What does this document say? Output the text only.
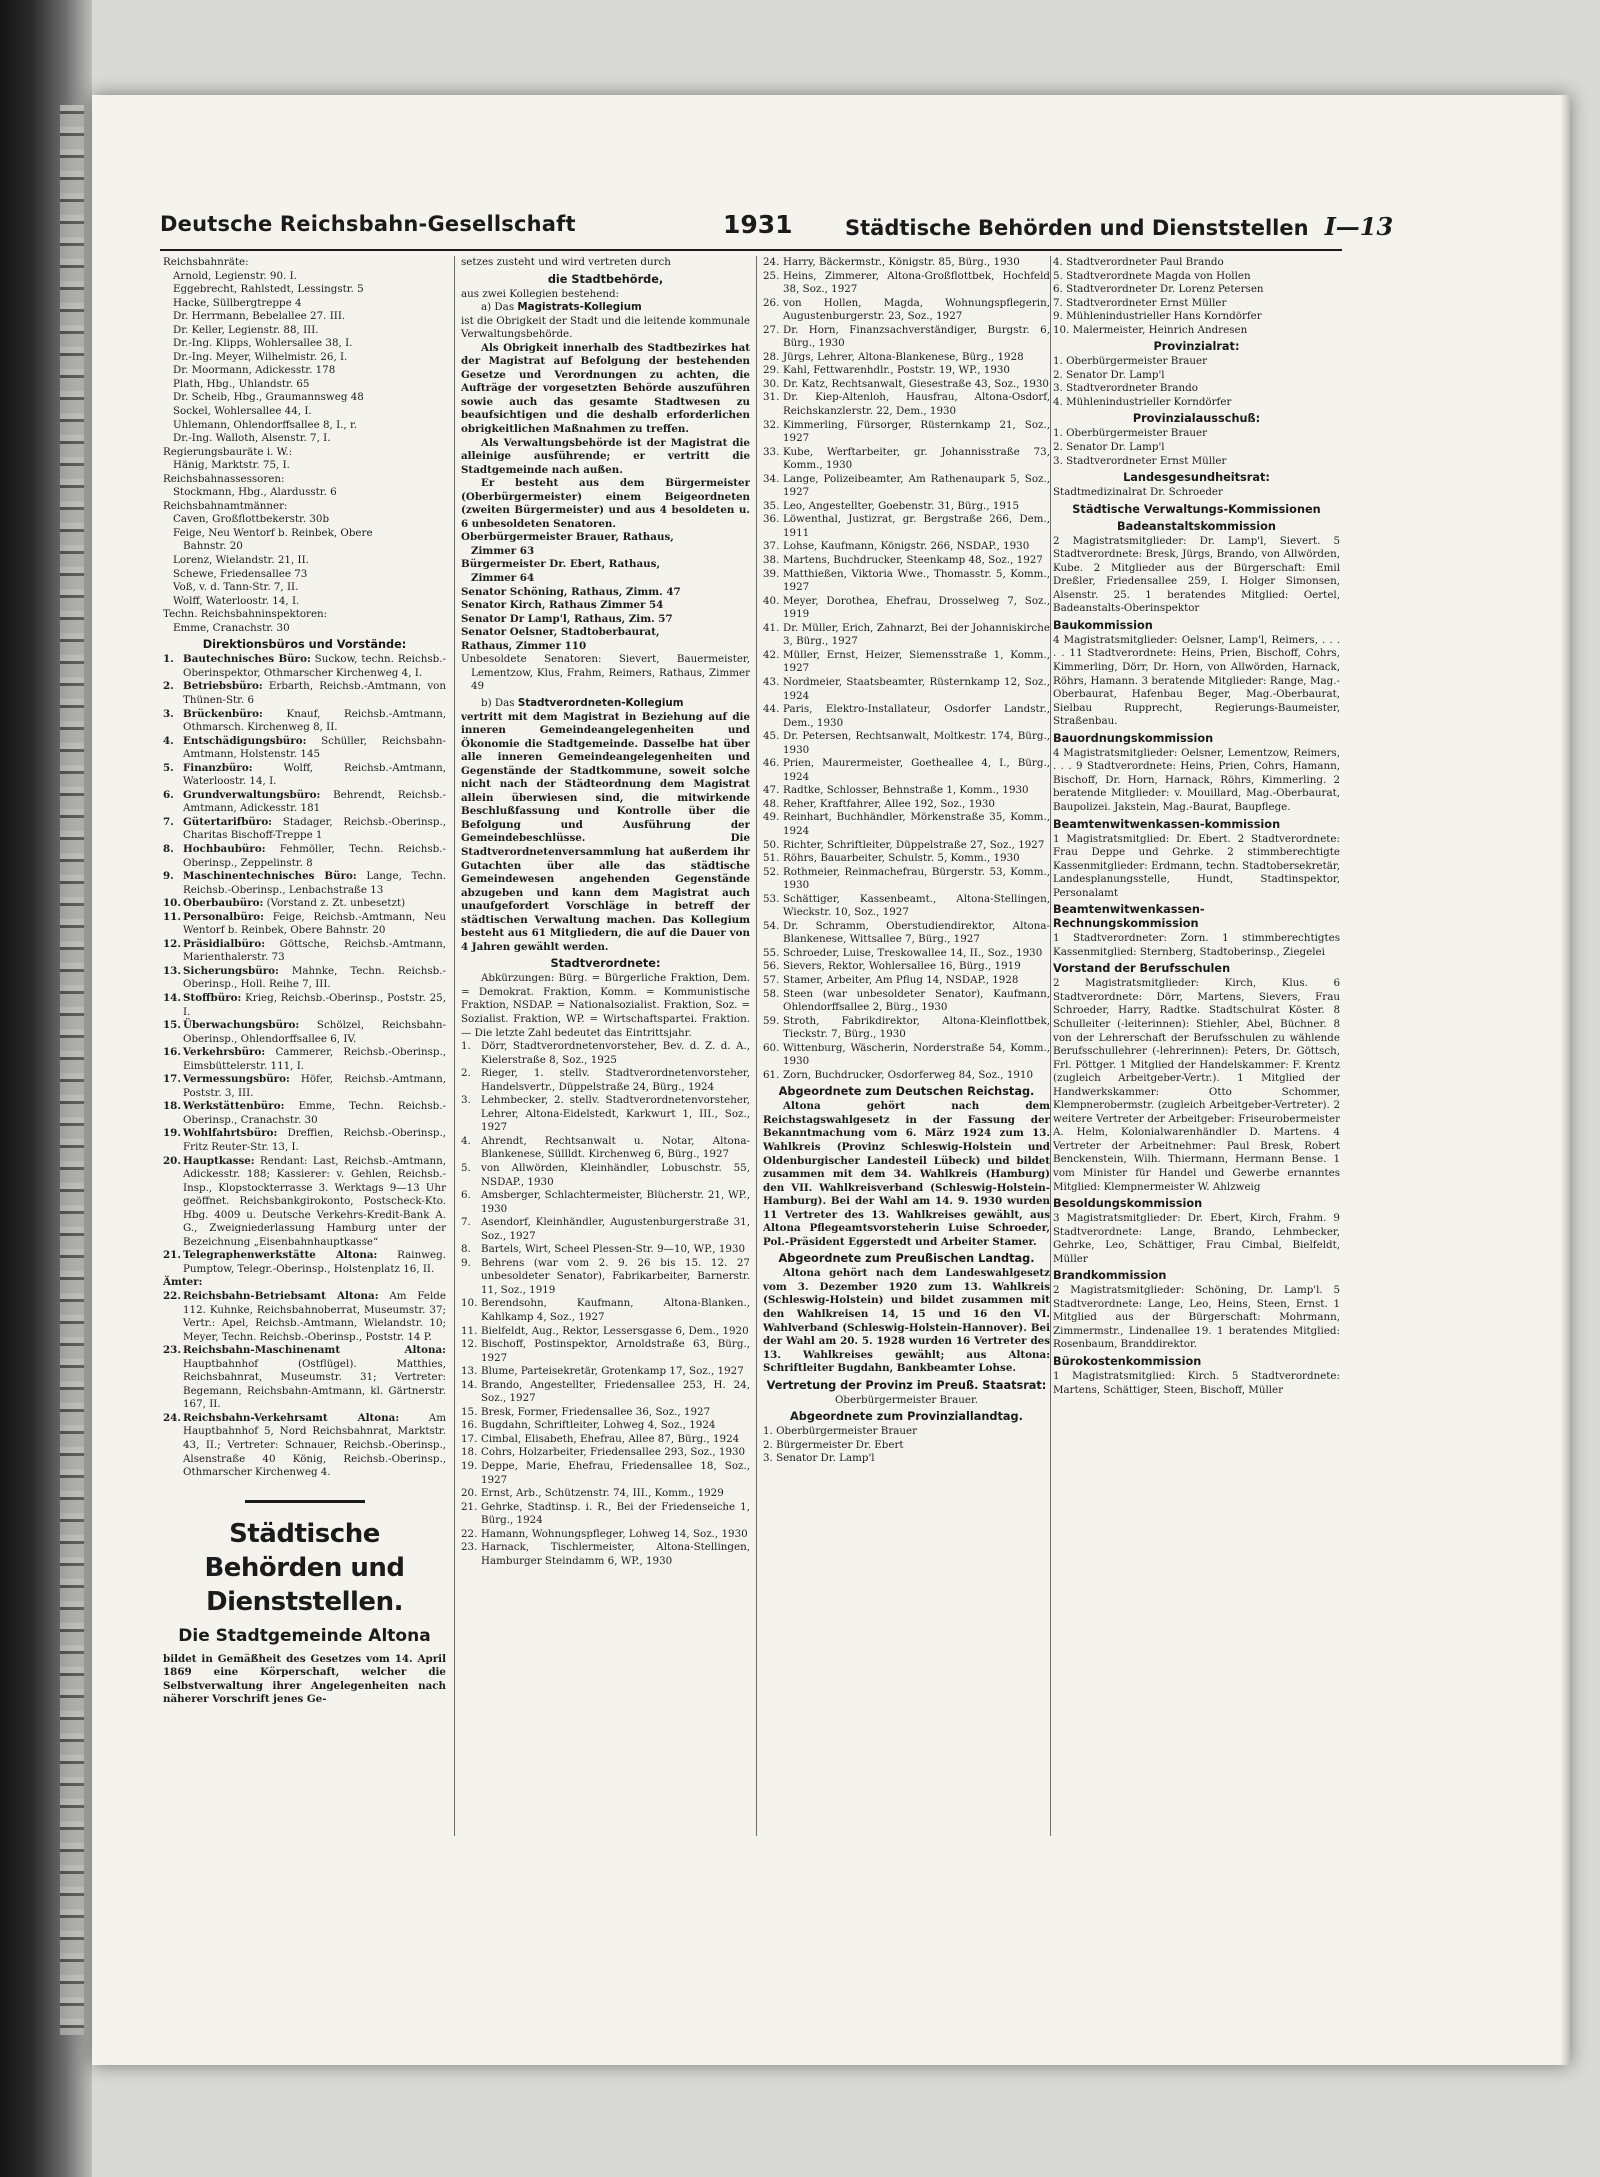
Deutsche Reichsbahn-Gesellschaft	1931 Städtische Behörden und Dienststellen I—13
Reichsbahnräte:
Arnold, Legienstr. 90. I.
Eggebrecht, Rahlstedt, Lessingstr. 5
Hacke, Süllbergtreppe 4
Dr. Herrmann, Bebelallee 27. III.
Dr. Keller, Legienstr. 88, III.
Dr.-Ing. Klipps, Wohlersallee 38, I.
Dr.-Ing. Meyer, Wilhelmistr. 26, I.
Dr. Moormann, Adickesstr. 178
Plath, Hbg., Uhlandstr. 65
Dr. Scheib, Hbg., Graumannsweg 48
Sockel, Wohlersallee 44, I.
Uhlemann, Ohlendorffsallee 8, I., r.
Dr.-Ing. Walloth, Alsenstr. 7, I.
Regierungsbauräte i. W.:
Hänig, Marktstr. 75, I.
Reichsbahnassessoren:
Stockmann, Hbg., Alardusstr. 6
Reichsbahnamtmänner:
Caven, Großflottbekerstr. 30b
Feige, Neu Wentorf b. Reinbek, Obere
Bahnstr. 20
Lorenz, Wielandstr. 21, II.
Schewe, Friedensallee 73
Voß, v. d. Tann-Str. 7, II.
Wolff, Waterloostr. 14, I.
Techn. Reichsbahninspektoren:
Emme, Cranachstr. 30
Direktionsbüros und Vorstände:

1. Bautechnisches Büro: Suckow, techn. Reichsb.-Oberinspektor, Othmarscher Kirchenweg 4, I.

2. Betriebsbüro: Erbarth, Reichsb.-Amtmann, von Thünen-Str. 6

3. Brückenbüro: Knauf, Reichsb.-Amtmann, Othmarsch. Kirchenweg 8, II.

4. Entschädigungsbüro: Schüller, Reichsbahn-Amtmann, Holstenstr. 145

5. Finanzbüro: Wolff, Reichsb.-Amtmann, Waterloostr. 14, I.

6. Grundverwaltungsbüro: Behrendt, Reichsb.-Amtmann, Adickesstr. 181

7. Gütertarifbüro: Stadager, Reichsb.-Oberinsp., Charitas Bischoff-Treppe 1

8. Hochbaubüro: Fehmöller, Techn. Reichsb.-Oberinsp., Zeppelinstr. 8

9. Maschinentechnisches Büro: Lange, Techn. Reichsb.-Oberinsp., Lenbachstraße 13

10. Oberbaubüro: (Vorstand z. Zt. unbesetzt)

11. Personalbüro: Feige, Reichsb.-Amtmann, Neu Wentorf b. Reinbek, Obere Bahnstr. 20

12. Präsidialbüro: Göttsche, Reichsb.-Amtmann, Marienthalerstr. 73

13. Sicherungsbüro: Mahnke, Techn. Reichsb.-Oberinsp., Holl. Reihe 7, III.

14. Stoffbüro: Krieg, Reichsb.-Oberinsp., Poststr. 25, I.

15. Überwachungsbüro: Schölzel, Reichsbahn-Oberinsp., Ohlendorffsallee 6, IV.

16. Verkehrsbüro: Cammerer, Reichsb.-Oberinsp., Eimsbüttelerstr. 111, I.

17. Vermessungsbüro: Höfer, Reichsb.-Amtmann, Poststr. 3, III.

18. Werkstättenbüro: Emme, Techn. Reichsb.-Oberinsp., Cranachstr. 30

19. Wohlfahrtsbüro: Dreffien, Reichsb.-Oberinsp., Fritz Reuter-Str. 13, I.

20. Hauptkasse: Rendant: Last, Reichsb.-Amtmann, Adickesstr. 188; Kassierer: v. Gehlen, Reichsb.-Insp., Klopstockterrasse 3. Werktags 9—13 Uhr geöffnet. Reichsbankgirokonto, Postscheck-Kto. Hbg. 4009 u. Deutsche Verkehrs-Kredit-Bank A. G., Zweigniederlassung Hamburg unter der Bezeichnung „Eisenbahnhauptkasse“

21. Telegraphenwerkstätte Altona: Rainweg. Pumptow, Telegr.-Oberinsp., Holstenplatz 16, II.

Ämter:

22. Reichsbahn-Betriebsamt Altona: Am Felde 112. Kuhnke, Reichsbahnoberrat, Museumstr. 37; Vertr.: Apel, Reichsb.-Amtmann, Wielandstr. 10; Meyer, Techn. Reichsb.-Oberinsp., Poststr. 14 P.

23. Reichsbahn-Maschinenamt Altona: Hauptbahnhof (Ostflügel). Matthies, Reichsbahnrat, Museumstr. 31; Vertreter: Begemann, Reichsbahn-Amtmann, kl. Gärtnerstr. 167, II.

24. Reichsbahn-Verkehrsamt Altona: Am Hauptbahnhof 5, Nord Reichsbahnrat, Marktstr. 43, II.; Vertreter: Schnauer, Reichsb.-Oberinsp., Alsenstraße 40 König, Reichsb.-Oberinsp., Othmarscher Kirchenweg 4.

Städtische Behörden und Dienststellen.
Die Stadtgemeinde Altona

bildet in Gemäßheit des Gesetzes vom 14. April 1869 eine Körperschaft, welcher die Selbstverwaltung ihrer Angelegenheiten nach näherer Vorschrift jenes Ge-

setzes zusteht und wird vertreten durch

die Stadtbehörde,

aus zwei Kollegien bestehend:

a) Das Magistrats-Kollegium

ist die Obrigkeit der Stadt und die leitende kommunale Verwaltungsbehörde.

Als Obrigkeit innerhalb des Stadtbezirkes hat der Magistrat auf Befolgung der bestehenden Gesetze und Verordnungen zu achten, die Aufträge der vorgesetzten Behörde auszuführen sowie auch das gesamte Stadtwesen zu beaufsichtigen und die deshalb erforderlichen obrigkeitlichen Maßnahmen zu treffen.

Als Verwaltungsbehörde ist der Magistrat die alleinige ausführende; er vertritt die Stadtgemeinde nach außen.

Er besteht aus dem Bürgermeister (Oberbürgermeister) einem Beigeordneten (zweiten Bürgermeister) und aus 4 besoldeten u. 6 unbesoldeten Senatoren.

Oberbürgermeister Brauer, Rathaus,
Zimmer 63
Bürgermeister Dr. Ebert, Rathaus,
Zimmer 64
Senator Schöning, Rathaus, Zimm. 47
Senator Kirch, Rathaus Zimmer 54
Senator Dr Lamp'l, Rathaus, Zim. 57
Senator Oelsner, Stadtoberbaurat,
Rathaus, Zimmer 110

Unbesoldete Senatoren: Sievert, Bauermeister, Lementzow, Klus, Frahm, Reimers, Rathaus, Zimmer 49

b) Das Stadtverordneten-Kollegium

vertritt mit dem Magistrat in Beziehung auf die inneren Gemeindeangelegenheiten und Ökonomie die Stadtgemeinde. Dasselbe hat über alle inneren Gemeindeangelegenheiten und Gegenstände der Stadtkommune, soweit solche nicht nach der Städteordnung dem Magistrat allein überwiesen sind, die mitwirkende Beschlußfassung und Kontrolle über die Befolgung und Ausführung der Gemeindebeschlüsse. Die Stadtverordnetenversammlung hat außerdem ihr Gutachten über alle das städtische Gemeindewesen angehenden Gegenstände abzugeben und kann dem Magistrat auch unaufgefordert Vorschläge in betreff der städtischen Verwaltung machen. Das Kollegium besteht aus 61 Mitgliedern, die auf die Dauer von 4 Jahren gewählt werden.

Stadtverordnete:

Abkürzungen: Bürg. = Bürgerliche Fraktion, Dem. = Demokrat. Fraktion, Komm. = Kommunistische Fraktion, NSDAP. = Nationalsozialist. Fraktion, Soz. = Sozialist. Fraktion, WP. = Wirtschaftspartei. Fraktion. — Die letzte Zahl bedeutet das Eintrittsjahr.

1. Dörr, Stadtverordnetenvorsteher, Bev. d. Z. d. A., Kielerstraße 8, Soz., 1925

2. Rieger, 1. stellv. Stadtverordnetenvorsteher, Handelsvertr., Düppelstraße 24, Bürg., 1924

3. Lehmbecker, 2. stellv. Stadtverordnetenvorsteher, Lehrer, Altona-Eidelstedt, Karkwurt 1, III., Soz., 1927

4. Ahrendt, Rechtsanwalt u. Notar, Altona-Blankenese, Süllldt. Kirchenweg 6, Bürg., 1927

5. von Allwörden, Kleinhändler, Lobuschstr. 55, NSDAP., 1930

6. Amsberger, Schlachtermeister, Blücherstr. 21, WP., 1930

7. Asendorf, Kleinhändler, Augustenburgerstraße 31, Soz., 1927

8. Bartels, Wirt, Scheel Plessen-Str. 9—10, WP., 1930

9. Behrens (war vom 2. 9. 26 bis 15. 12. 27 unbesoldeter Senator), Fabrikarbeiter, Barnerstr. 11, Soz., 1919

10. Berendsohn, Kaufmann, Altona-Blanken., Kahlkamp 4, Soz., 1927

11. Bielfeldt, Aug., Rektor, Lessersgasse 6, Dem., 1920

12. Bischoff, Postinspektor, Arnoldstraße 63, Bürg., 1927

13. Blume, Parteisekretär, Grotenkamp 17, Soz., 1927

14. Brando, Angestellter, Friedensallee 253, H. 24, Soz., 1927

15. Bresk, Former, Friedensallee 36, Soz., 1927

16. Bugdahn, Schriftleiter, Lohweg 4, Soz., 1924

17. Cimbal, Elisabeth, Ehefrau, Allee 87, Bürg., 1924

18. Cohrs, Holzarbeiter, Friedensallee 293, Soz., 1930

19. Deppe, Marie, Ehefrau, Friedensallee 18, Soz., 1927

20. Ernst, Arb., Schützenstr. 74, III., Komm., 1929

21. Gehrke, Stadtinsp. i. R., Bei der Friedenseiche 1, Bürg., 1924

22. Hamann, Wohnungspfleger, Lohweg 14, Soz., 1930

23. Harnack, Tischlermeister, Altona-Stellingen, Hamburger Steindamm 6, WP., 1930

24. Harry, Bäckermstr., Königstr. 85, Bürg., 1930

25. Heins, Zimmerer, Altona-Großflottbek, Hochfeld 38, Soz., 1927

26. von Hollen, Magda, Wohnungspflegerin, Augustenburgerstr. 23, Soz., 1927

27. Dr. Horn, Finanzsachverständiger, Burgstr. 6, Bürg., 1930

28. Jürgs, Lehrer, Altona-Blankenese, Bürg., 1928

29. Kahl, Fettwarenhdlr., Poststr. 19, WP., 1930

30. Dr. Katz, Rechtsanwalt, Giesestraße 43, Soz., 1930

31. Dr. Kiep-Altenloh, Hausfrau, Altona-Osdorf, Reichskanzlerstr. 22, Dem., 1930

32. Kimmerling, Fürsorger, Rüsternkamp 21, Soz., 1927

33. Kube, Werftarbeiter, gr. Johannisstraße 73, Komm., 1930

34. Lange, Polizeibeamter, Am Rathenaupark 5, Soz., 1927

35. Leo, Angestellter, Goebenstr. 31, Bürg., 1915

36. Löwenthal, Justizrat, gr. Bergstraße 266, Dem., 1911

37. Lohse, Kaufmann, Königstr. 266, NSDAP., 1930

38. Martens, Buchdrucker, Steenkamp 48, Soz., 1927

39. Matthießen, Viktoria Wwe., Thomasstr. 5, Komm., 1927

40. Meyer, Dorothea, Ehefrau, Drosselweg 7, Soz., 1919

41. Dr. Müller, Erich, Zahnarzt, Bei der Johanniskirche 3, Bürg., 1927

42. Müller, Ernst, Heizer, Siemensstraße 1, Komm., 1927

43. Nordmeier, Staatsbeamter, Rüsternkamp 12, Soz., 1924

44. Paris, Elektro-Installateur, Osdorfer Landstr., Dem., 1930

45. Dr. Petersen, Rechtsanwalt, Moltkestr. 174, Bürg., 1930

46. Prien, Maurermeister, Goetheallee 4, I., Bürg., 1924

47. Radtke, Schlosser, Behnstraße 1, Komm., 1930

48. Reher, Kraftfahrer, Allee 192, Soz., 1930

49. Reinhart, Buchhändler, Mörkenstraße 35, Komm., 1924

50. Richter, Schriftleiter, Düppelstraße 27, Soz., 1927

51. Röhrs, Bauarbeiter, Schulstr. 5, Komm., 1930

52. Rothmeier, Reinmachefrau, Bürgerstr. 53, Komm., 1930

53. Schättiger, Kassenbeamt., Altona-Stellingen, Wieckstr. 10, Soz., 1927

54. Dr. Schramm, Oberstudiendirektor, Altona-Blankenese, Wittsallee 7, Bürg., 1927

55. Schroeder, Luise, Treskowallee 14, II., Soz., 1930

56. Sievers, Rektor, Wohlersallee 16, Bürg., 1919

57. Stamer, Arbeiter, Am Pflug 14, NSDAP., 1928

58. Steen (war unbesoldeter Senator), Kaufmann, Ohlendorffsallee 2, Bürg., 1930

59. Stroth, Fabrikdirektor, Altona-Kleinflottbek, Tieckstr. 7, Bürg., 1930

60. Wittenburg, Wäscherin, Norderstraße 54, Komm., 1930

61. Zorn, Buchdrucker, Osdorferweg 84, Soz., 1910

Abgeordnete zum Deutschen Reichstag.

Altona gehört nach dem Reichstagswahlgesetz in der Fassung der Bekanntmachung vom 6. März 1924 zum 13. Wahlkreis (Provinz Schleswig-Holstein und Oldenburgischer Landesteil Lübeck) und bildet zusammen mit dem 34. Wahlkreis (Hamburg) den VII. Wahlkreisverband (Schleswig-Holstein-Hamburg). Bei der Wahl am 14. 9. 1930 wurden 11 Vertreter des 13. Wahlkreises gewählt, aus Altona Pflegeamtsvorsteherin Luise Schroeder, Pol.-Präsident Eggerstedt und Arbeiter Stamer.

Abgeordnete zum Preußischen Landtag.

Altona gehört nach dem Landeswahlgesetz vom 3. Dezember 1920 zum 13. Wahlkreis (Schleswig-Holstein) und bildet zusammen mit den Wahlkreisen 14, 15 und 16 den VI. Wahlverband (Schleswig-Holstein-Hannover). Bei der Wahl am 20. 5. 1928 wurden 16 Vertreter des 13. Wahlkreises gewählt; aus Altona: Schriftleiter Bugdahn, Bankbeamter Lohse.

Vertretung der Provinz im Preuß. Staatsrat:

Oberbürgermeister Brauer.

Abgeordnete zum Provinziallandtag.
1. Oberbürgermeister Brauer
2. Bürgermeister Dr. Ebert
3. Senator Dr. Lamp'l
4. Stadtverordneter Paul Brando
5. Stadtverordnete Magda von Hollen
6. Stadtverordneter Dr. Lorenz Petersen
7. Stadtverordneter Ernst Müller
9. Mühlenindustrieller Hans Korndörfer
10. Malermeister, Heinrich Andresen
Provinzialrat:
1. Oberbürgermeister Brauer
2. Senator Dr. Lamp'l
3. Stadtverordneter Brando
4. Mühlenindustrieller Korndörfer
Provinzialausschuß:
1. Oberbürgermeister Brauer
2. Senator Dr. Lamp'l
3. Stadtverordneter Ernst Müller
Landesgesundheitsrat:
Stadtmedizinalrat Dr. Schroeder
Städtische Verwaltungs-Kommissionen
Badeanstaltskommission

2 Magistratsmitglieder: Dr. Lamp'l, Sievert. 5 Stadtverordnete: Bresk, Jürgs, Brando, von Allwörden, Kube. 2 Mitglieder aus der Bürgerschaft: Emil Dreßler, Friedensallee 259, I. Holger Simonsen, Alsenstr. 25. 1 beratendes Mitglied: Oertel, Badeanstalts-Oberinspektor

Baukommission

4 Magistratsmitglieder: Oelsner, Lamp'l, Reimers, . . . . . 11 Stadtverordnete: Heins, Prien, Bischoff, Cohrs, Kimmerling, Dörr, Dr. Horn, von Allwörden, Harnack, Röhrs, Hamann. 3 beratende Mitglieder: Range, Mag.-Oberbaurat, Hafenbau Beger, Mag.-Oberbaurat, Sielbau Rupprecht, Regierungs-Baumeister, Straßenbau.

Bauordnungskommission

4 Magistratsmitglieder: Oelsner, Lementzow, Reimers, . . . 9 Stadtverordnete: Heins, Prien, Cohrs, Hamann, Bischoff, Dr. Horn, Harnack, Röhrs, Kimmerling. 2 beratende Mitglieder: v. Mouillard, Mag.-Oberbaurat, Baupolizei. Jakstein, Mag.-Baurat, Baupflege.

Beamtenwitwenkassen-kommission

1 Magistratsmitglied: Dr. Ebert. 2 Stadtverordnete: Frau Deppe und Gehrke. 2 stimmberechtigte Kassenmitglieder: Erdmann, techn. Stadtobersekretär, Landesplanungsstelle, Hundt, Stadtinspektor, Personalamt

Beamtenwitwenkassen-Rechnungskommission

1 Stadtverordneter: Zorn. 1 stimmberechtigtes Kassenmitglied: Sternberg, Stadtoberinsp., Ziegelei

Vorstand der Berufsschulen

2 Magistratsmitglieder: Kirch, Klus. 6 Stadtverordnete: Dörr, Martens, Sievers, Frau Schroeder, Harry, Radtke. Stadtschulrat Köster. 8 Schulleiter (-leiterinnen): Stiehler, Abel, Büchner. 8 von der Lehrerschaft der Berufsschulen zu wählende Berufsschullehrer (-lehrerinnen): Peters, Dr. Göttsch, Frl. Pöttger. 1 Mitglied der Handelskammer: F. Krentz (zugleich Arbeitgeber-Vertr.). 1 Mitglied der Handwerkskammer: Otto Schommer, Klempnerobermstr. (zugleich Arbeitgeber-Vertreter). 2 weitere Vertreter der Arbeitgeber: Friseurobermeister A. Helm, Kolonialwarenhändler D. Martens. 4 Vertreter der Arbeitnehmer: Paul Bresk, Robert Benckenstein, Wilh. Thiermann, Hermann Bense. 1 vom Minister für Handel und Gewerbe ernanntes Mitglied: Klempnermeister W. Ahlzweig

Besoldungskommission

3 Magistratsmitglieder: Dr. Ebert, Kirch, Frahm. 9 Stadtverordnete: Lange, Brando, Lehmbecker, Gehrke, Leo, Schättiger, Frau Cimbal, Bielfeldt, Müller

Brandkommission

2 Magistratsmitglieder: Schöning, Dr. Lamp'l. 5 Stadtverordnete: Lange, Leo, Heins, Steen, Ernst. 1 Mitglied aus der Bürgerschaft: Mohrmann, Zimmermstr., Lindenallee 19. 1 beratendes Mitglied: Rosenbaum, Branddirektor.

Bürokostenkommission

1 Magistratsmitglied: Kirch. 5 Stadtverordnete: Martens, Schättiger, Steen, Bischoff, Müller
